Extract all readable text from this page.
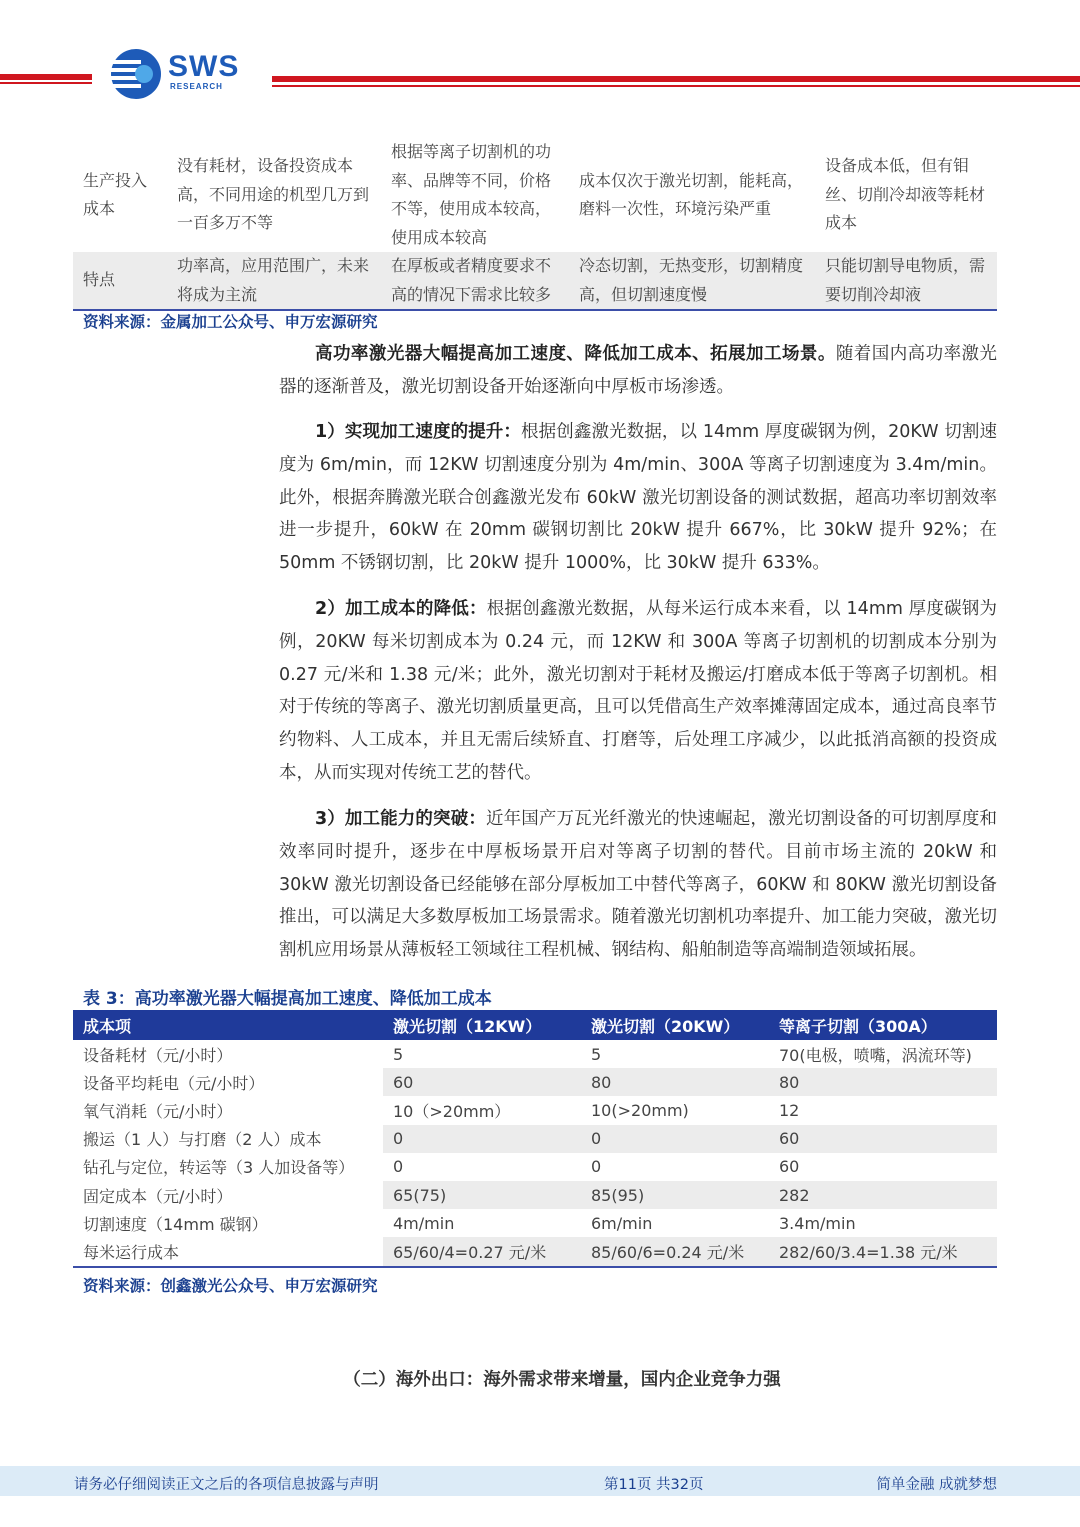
SWS
RESEARCH
生产投入成本	没有耗材，设备投资成本高，不同用途的机型几万到一百多万不等	根据等离子切割机的功率、品牌等不同，价格不等，使用成本较高，使用成本较高	成本仅次于激光切割，能耗高，磨料一次性，环境污染严重	设备成本低，但有钼丝、切削冷却液等耗材成本
特点	功率高，应用范围广，未来将成为主流	在厚板或者精度要求不高的情况下需求比较多	冷态切割，无热变形，切割精度高，但切割速度慢	只能切割导电物质，需要切削冷却液
资料来源：金属加工公众号、申万宏源研究

高功率激光器大幅提高加工速度、降低加工成本、拓展加工场景。随着国内高功率激光器的逐渐普及，激光切割设备开始逐渐向中厚板市场渗透。

1）实现加工速度的提升：根据创鑫激光数据，以 14mm 厚度碳钢为例，20KW 切割速度为 6m/min，而 12KW 切割速度分别为 4m/min、300A 等离子切割速度为 3.4m/min。此外，根据奔腾激光联合创鑫激光发布 60kW 激光切割设备的测试数据，超高功率切割效率进一步提升，60kW 在 20mm 碳钢切割比 20kW 提升 667%，比 30kW 提升 92%；在 50mm 不锈钢切割，比 20kW 提升 1000%，比 30kW 提升 633%。

2）加工成本的降低：根据创鑫激光数据，从每米运行成本来看，以 14mm 厚度碳钢为例，20KW 每米切割成本为 0.24 元，而 12KW 和 300A 等离子切割机的切割成本分别为 0.27 元/米和 1.38 元/米；此外，激光切割对于耗材及搬运/打磨成本低于等离子切割机。相对于传统的等离子、激光切割质量更高，且可以凭借高生产效率摊薄固定成本，通过高良率节约物料、人工成本，并且无需后续矫直、打磨等，后处理工序减少，以此抵消高额的投资成本，从而实现对传统工艺的替代。

3）加工能力的突破：近年国产万瓦光纤激光的快速崛起，激光切割设备的可切割厚度和效率同时提升，逐步在中厚板场景开启对等离子切割的替代。目前市场主流的 20kW 和 30kW 激光切割设备已经能够在部分厚板加工中替代等离子，60KW 和 80KW 激光切割设备推出，可以满足大多数厚板加工场景需求。随着激光切割机功率提升、加工能力突破，激光切割机应用场景从薄板轻工领域往工程机械、钢结构、船舶制造等高端制造领域拓展。

表 3：高功率激光器大幅提高加工速度、降低加工成本
成本项	激光切割（12KW）	激光切割（20KW）	等离子切割（300A）
设备耗材（元/小时）	5	5	70(电极，喷嘴，涡流环等)
设备平均耗电（元/小时）	60	80	80
氧气消耗（元/小时）	10（>20mm）	10(>20mm)	12
搬运（1 人）与打磨（2 人）成本	0	0	60
钻孔与定位，转运等（3 人加设备等）	0	0	60
固定成本（元/小时）	65(75)	85(95)	282
切割速度（14mm 碳钢）	4m/min	6m/min	3.4m/min
每米运行成本	65/60/4=0.27 元/米	85/60/6=0.24 元/米	282/60/3.4=1.38 元/米
资料来源：创鑫激光公众号、申万宏源研究
（二）海外出口：海外需求带来增量，国内企业竞争力强
请务必仔细阅读正文之后的各项信息披露与声明	第11页 共32页	简单金融 成就梦想
